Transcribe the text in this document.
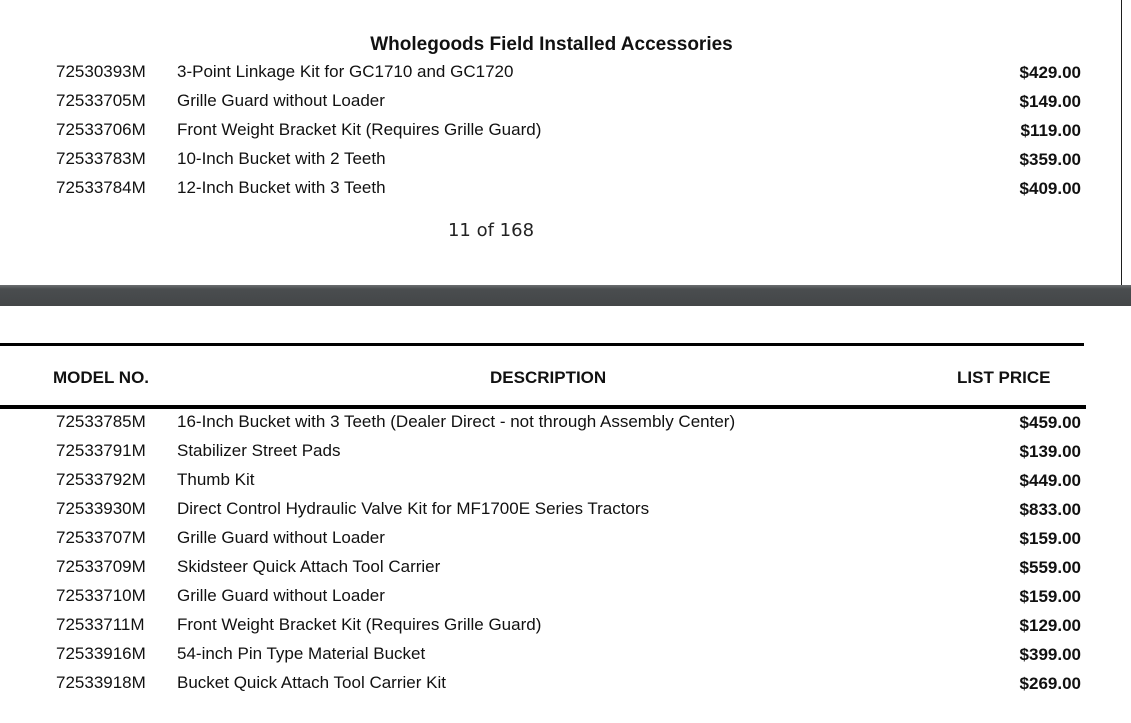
Wholegoods Field Installed Accessories
72530393M 3-Point Linkage Kit for GC1710 and GC1720	$429.00
72533705M Grille Guard without Loader	$149.00
72533706M Front Weight Bracket Kit (Requires Grille Guard)	$119.00
72533783M 10-Inch Bucket with 2 Teeth	$359.00
72533784M 12-Inch Bucket with 3 Teeth	$409.00
11 of 168
MODEL NO.	DESCRIPTION	LIST PRICE
72533785M 16-Inch Bucket with 3 Teeth (Dealer Direct - not through Assembly Center)	$459.00
72533791M Stabilizer Street Pads	$139.00
72533792M Thumb Kit	$449.00
72533930M Direct Control Hydraulic Valve Kit for MF1700E Series Tractors	$833.00
72533707M Grille Guard without Loader	$159.00
72533709M Skidsteer Quick Attach Tool Carrier	$559.00
72533710M Grille Guard without Loader	$159.00
72533711M Front Weight Bracket Kit (Requires Grille Guard)	$129.00
72533916M 54-inch Pin Type Material Bucket	$399.00
72533918M Bucket Quick Attach Tool Carrier Kit	$269.00
